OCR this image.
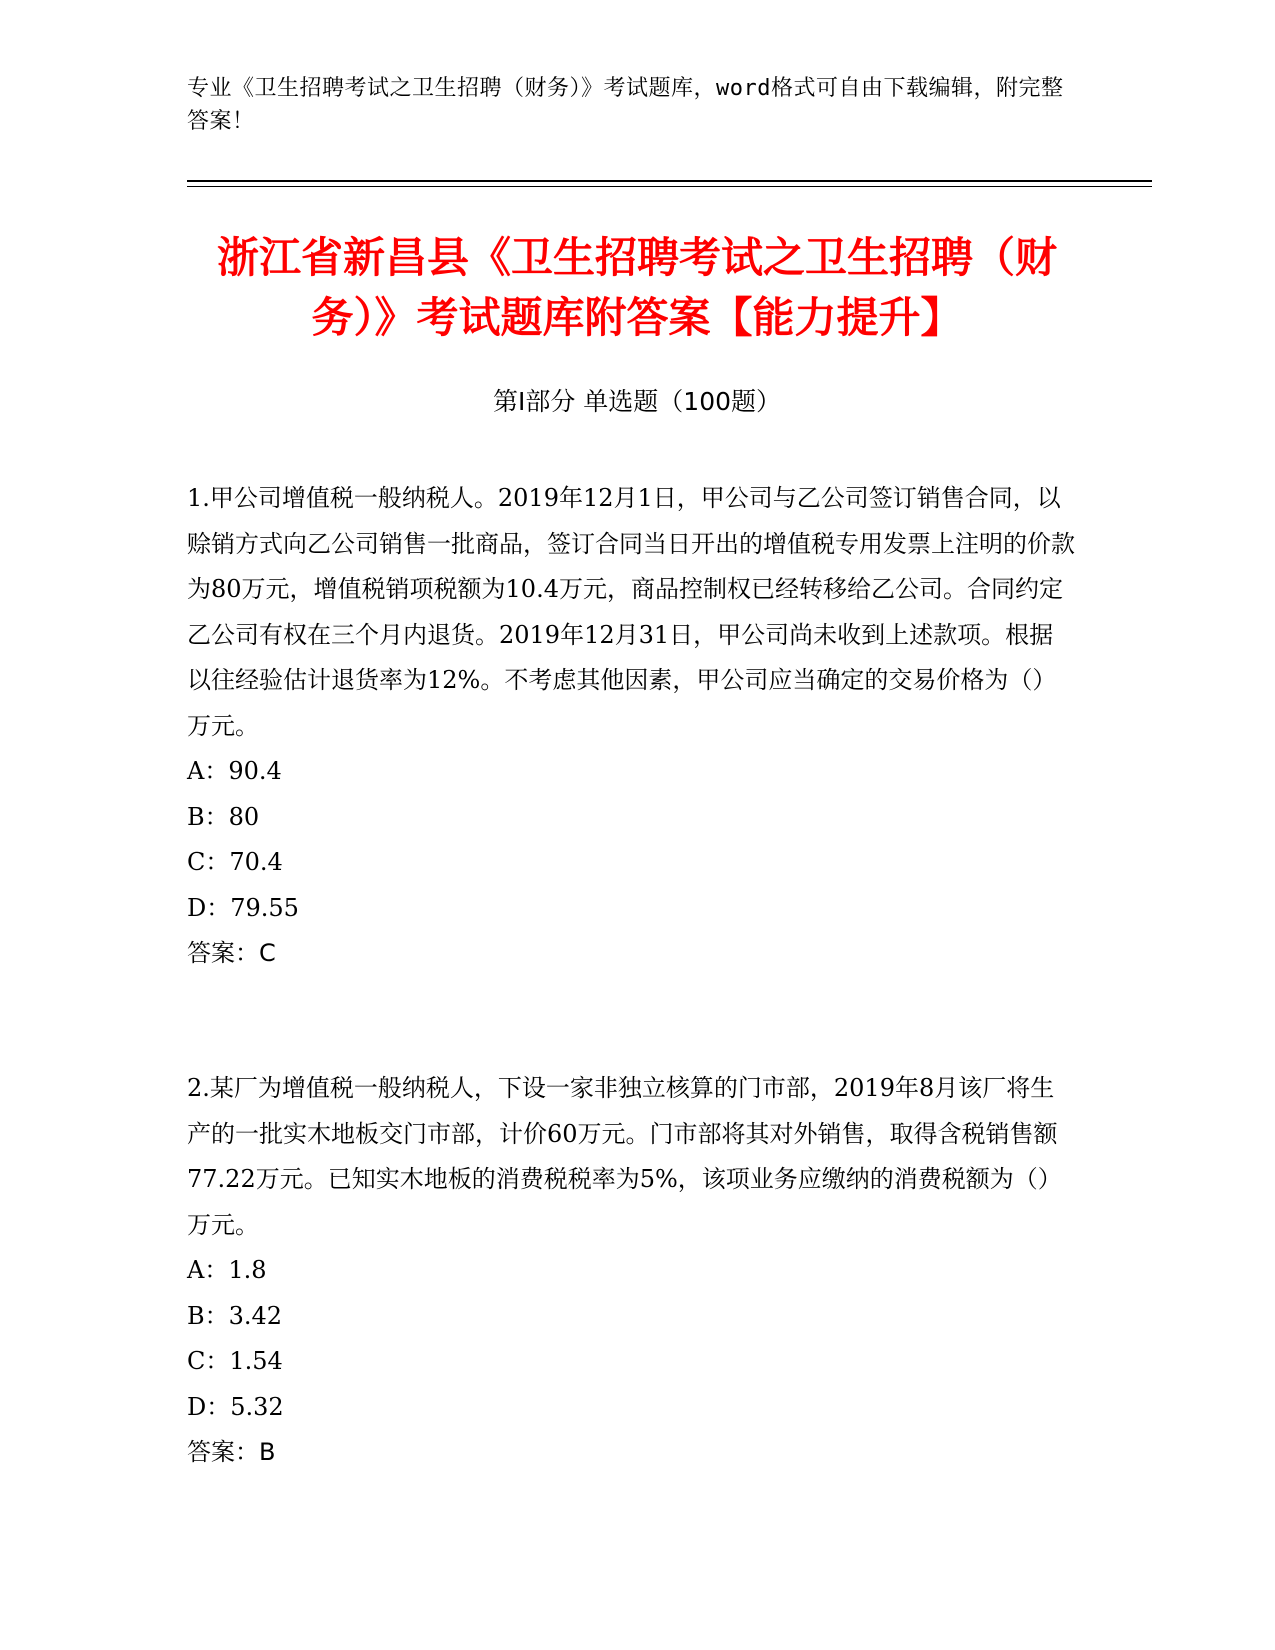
专业《卫生招聘考试之卫生招聘（财务）》考试题库，word格式可自由下载编辑，附完整答案！
浙江省新昌县《卫生招聘考试之卫生招聘（财务）》考试题库附答案【能力提升】
第Ⅰ部分 单选题（100题）

1.甲公司增值税一般纳税人。2019年12月1日，甲公司与乙公司签订销售合同，以赊销方式向乙公司销售一批商品，签订合同当日开出的增值税专用发票上注明的价款为80万元，增值税销项税额为10.4万元，商品控制权已经转移给乙公司。合同约定乙公司有权在三个月内退货。2019年12月31日，甲公司尚未收到上述款项。根据以往经验估计退货率为12%。不考虑其他因素，甲公司应当确定的交易价格为（）万元。

A：90.4

B：80

C：70.4

D：79.55

答案：C

2.某厂为增值税一般纳税人，下设一家非独立核算的门市部，2019年8月该厂将生产的一批实木地板交门市部，计价60万元。门市部将其对外销售，取得含税销售额77.22万元。已知实木地板的消费税税率为5%，该项业务应缴纳的消费税额为（）万元。

A：1.8

B：3.42

C：1.54

D：5.32

答案：B
